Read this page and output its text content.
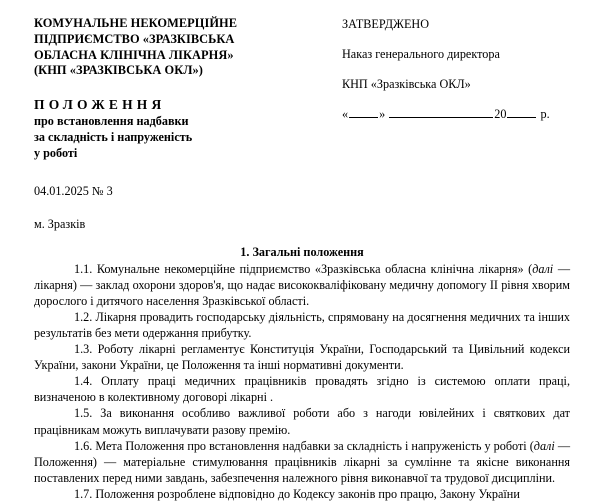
КОМУНАЛЬНЕ НЕКОМЕРЦІЙНЕ
ПІДПРИЄМСТВО «ЗРАЗКІВСЬКА
ОБЛАСНА КЛІНІЧНА ЛІКАРНЯ»
(КНП «ЗРАЗКІВСЬКА ОКЛ»)
ПОЛОЖЕННЯ
про встановлення надбавки
за складність і напруженість
у роботі
04.01.2025 № 3
м. Зразків
ЗАТВЕРДЖЕНО
Наказ генерального директора
КНП «Зразківська ОКЛ»
«	»	20	р.
1. Загальні положення

1.1. Комунальне некомерційне підприємство «Зразківська обласна клінічна лікарня» (далі — лікарня) — заклад охорони здоров'я, що надає висококваліфіковану медичну допомогу ІІ рівня хворим дорослого і дитячого населення Зразківської області.

1.2. Лікарня провадить господарську діяльність, спрямовану на досягнення медичних та інших результатів без мети одержання прибутку.

1.3. Роботу лікарні регламентує Конституція України, Господарський та Цивільний кодекси України, закони України, це Положення та інші нормативні документи.

1.4. Оплату праці медичних працівників провадять згідно із системою оплати праці, визначеною в колективному договорі лікарні .

1.5. За виконання особливо важливої роботи або з нагоди ювілейних і святкових дат працівникам можуть виплачувати разову премію.

1.6. Мета Положення про встановлення надбавки за складність і напруженість у роботі (далі — Положення) — матеріальне стимулювання працівників лікарні за сумлінне та якісне виконання поставлених перед ними завдань, забезпечення належного рівня виконавчої та трудової дисципліни.

1.7. Положення розроблене відповідно до Кодексу законів про працю, Закону України
